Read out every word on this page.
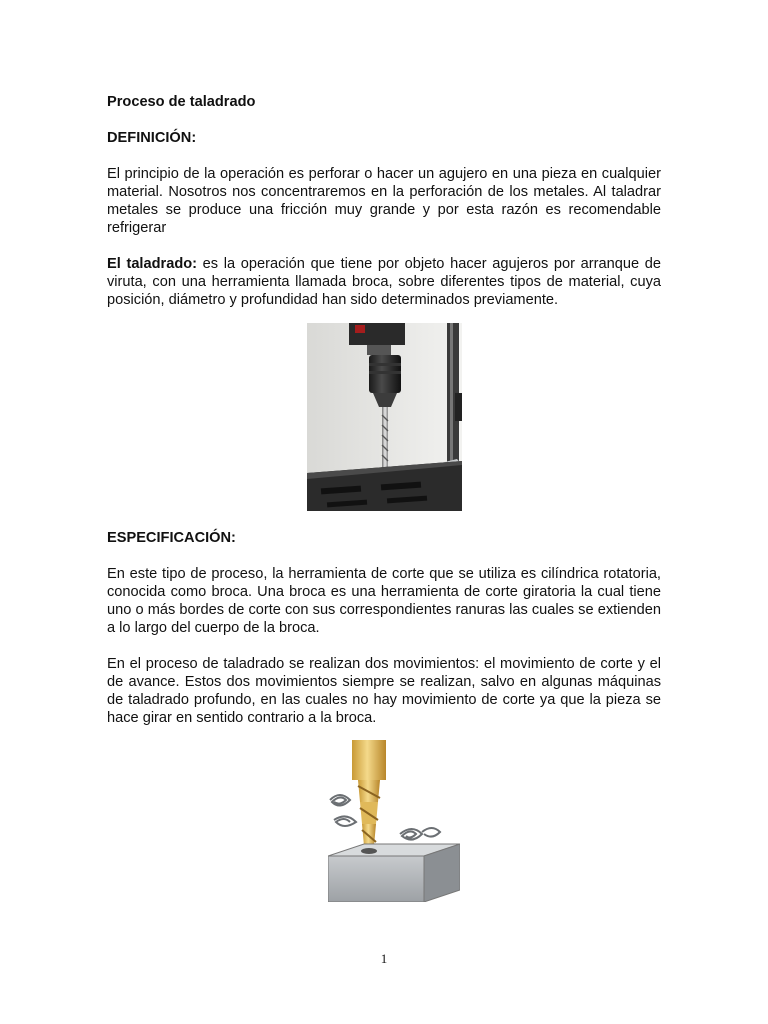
Proceso de taladrado

DEFINICIÓN:

El principio de la operación es perforar o hacer un agujero en una pieza en cualquier material. Nosotros nos concentraremos en la perforación de los metales. Al taladrar metales se produce una fricción muy grande y por esta razón es recomendable refrigerar

El taladrado: es la operación que tiene por objeto hacer agujeros por arranque de viruta, con una herramienta llamada broca, sobre diferentes tipos de material, cuya posición, diámetro y profundidad han sido determinados previamente.

ESPECIFICACIÓN:

En este tipo de proceso, la herramienta de corte que se utiliza es cilíndrica rotatoria, conocida como broca. Una broca es una herramienta de corte giratoria la cual tiene uno o más bordes de corte con sus correspondientes ranuras las cuales se extienden a lo largo del cuerpo de la broca.

En el proceso de taladrado se realizan dos movimientos: el movimiento de corte y el de avance. Estos dos movimientos siempre se realizan, salvo en algunas máquinas de taladrado profundo, en las cuales no hay movimiento de corte ya que la pieza se hace girar en sentido contrario a la broca.

1
